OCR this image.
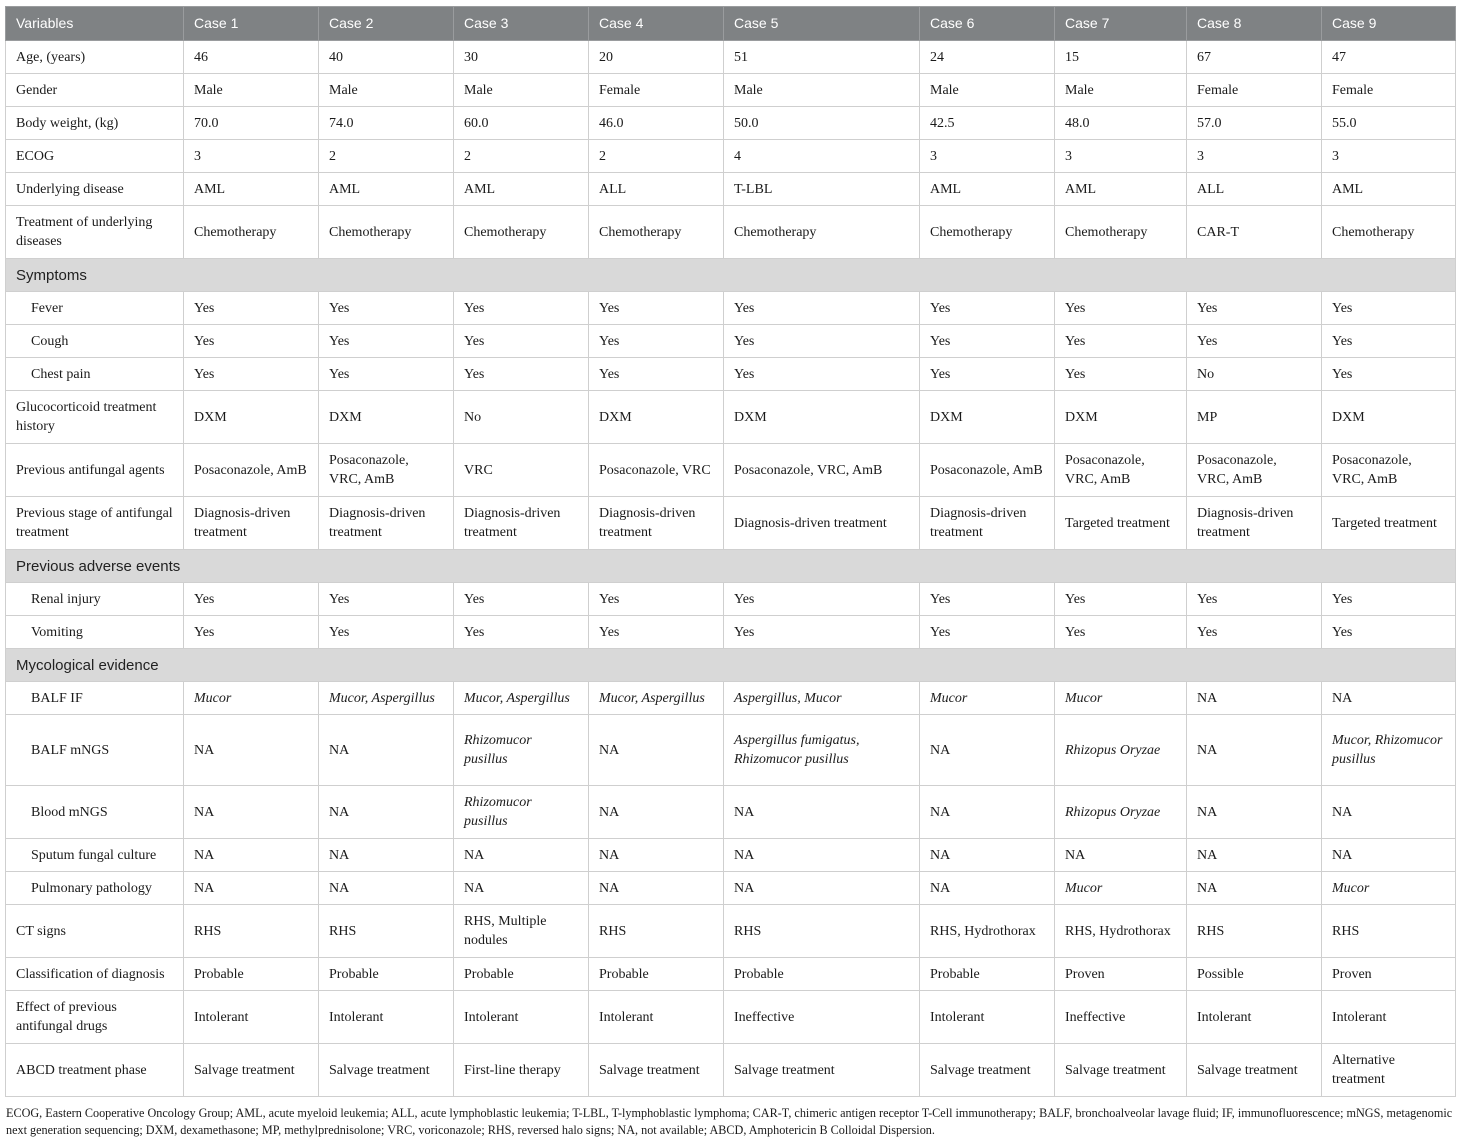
Variables	Case 1	Case 2	Case 3	Case 4	Case 5	Case 6	Case 7	Case 8	Case 9
Age, (years)	46	40	30	20	51	24	15	67	47
Gender	Male	Male	Male	Female	Male	Male	Male	Female	Female
Body weight, (kg)	70.0	74.0	60.0	46.0	50.0	42.5	48.0	57.0	55.0
ECOG	3	2	2	2	4	3	3	3	3
Underlying disease	AML	AML	AML	ALL	T-LBL	AML	AML	ALL	AML
Treatment of underlying diseases	Chemotherapy	Chemotherapy	Chemotherapy	Chemotherapy	Chemotherapy	Chemotherapy	Chemotherapy	CAR-T	Chemotherapy
Symptoms									
Fever	Yes	Yes	Yes	Yes	Yes	Yes	Yes	Yes	Yes
Cough	Yes	Yes	Yes	Yes	Yes	Yes	Yes	Yes	Yes
Chest pain	Yes	Yes	Yes	Yes	Yes	Yes	Yes	No	Yes
Glucocorticoid treatment history	DXM	DXM	No	DXM	DXM	DXM	DXM	MP	DXM
Previous antifungal agents	Posaconazole, AmB	Posaconazole, VRC, AmB	VRC	Posaconazole, VRC	Posaconazole, VRC, AmB	Posaconazole, AmB	Posaconazole, VRC, AmB	Posaconazole, VRC, AmB	Posaconazole, VRC, AmB
Previous stage of antifungal treatment	Diagnosis-driven treatment	Diagnosis-driven treatment	Diagnosis-driven treatment	Diagnosis-driven treatment	Diagnosis-driven treatment	Diagnosis-driven treatment	Targeted treatment	Diagnosis-driven treatment	Targeted treatment
Previous adverse events									
Renal injury	Yes	Yes	Yes	Yes	Yes	Yes	Yes	Yes	Yes
Vomiting	Yes	Yes	Yes	Yes	Yes	Yes	Yes	Yes	Yes
Mycological evidence									
BALF IF	Mucor	Mucor, Aspergillus	Mucor, Aspergillus	Mucor, Aspergillus	Aspergillus, Mucor	Mucor	Mucor	NA	NA
BALF mNGS	NA	NA	Rhizomucor pusillus	NA	Aspergillus fumigatus, Rhizomucor pusillus	NA	Rhizopus Oryzae	NA	Mucor, Rhizomucor pusillus
Blood mNGS	NA	NA	Rhizomucor pusillus	NA	NA	NA	Rhizopus Oryzae	NA	NA
Sputum fungal culture	NA	NA	NA	NA	NA	NA	NA	NA	NA
Pulmonary pathology	NA	NA	NA	NA	NA	NA	Mucor	NA	Mucor
CT signs	RHS	RHS	RHS, Multiple nodules	RHS	RHS	RHS, Hydrothorax	RHS, Hydrothorax	RHS	RHS
Classification of diagnosis	Probable	Probable	Probable	Probable	Probable	Probable	Proven	Possible	Proven
Effect of previous antifungal drugs	Intolerant	Intolerant	Intolerant	Intolerant	Ineffective	Intolerant	Ineffective	Intolerant	Intolerant
ABCD treatment phase	Salvage treatment	Salvage treatment	First-line therapy	Salvage treatment	Salvage treatment	Salvage treatment	Salvage treatment	Salvage treatment	Alternative treatment
ECOG, Eastern Cooperative Oncology Group; AML, acute myeloid leukemia; ALL, acute lymphoblastic leukemia; T-LBL, T-lymphoblastic lymphoma; CAR-T, chimeric antigen receptor T-Cell immunotherapy; BALF, bronchoalveolar lavage fluid; IF, immunofluorescence; mNGS, metagenomic next generation sequencing; DXM, dexamethasone; MP, methylprednisolone; VRC, voriconazole; RHS, reversed halo signs; NA, not available; ABCD, Amphotericin B Colloidal Dispersion.
